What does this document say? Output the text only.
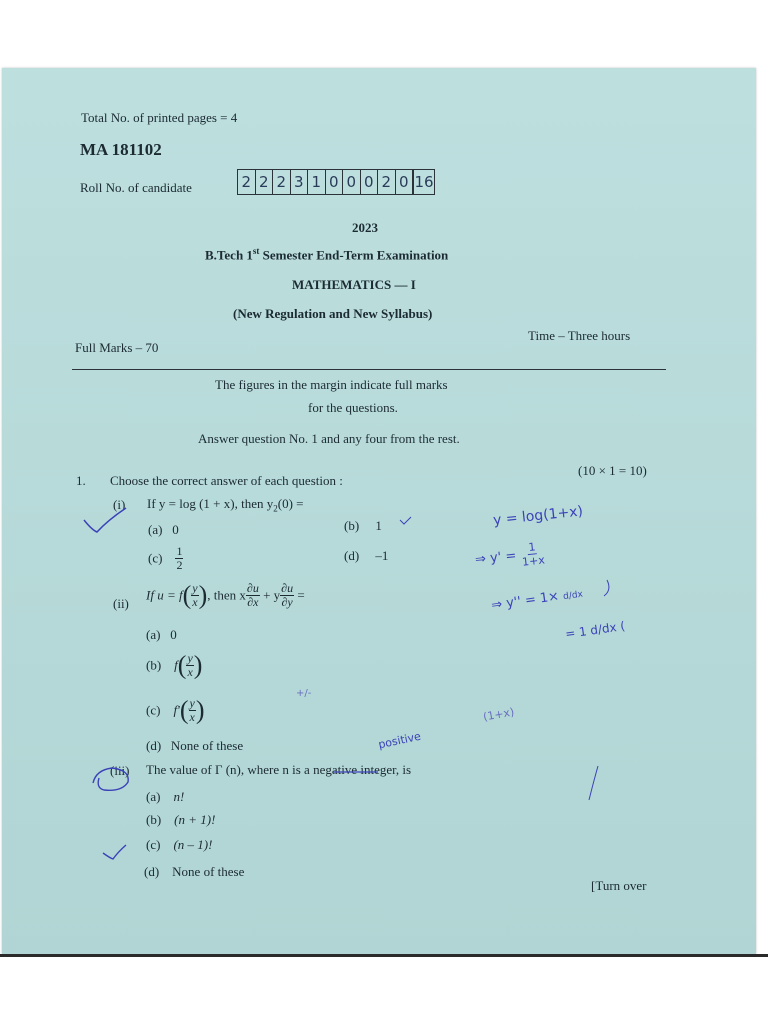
Total No. of printed pages = 4
MA 181102
Roll No. of candidate	2 2 2 3 1 0 0 0 2 0 16
2023
B.Tech 1st Semester End-Term Examination
MATHEMATICS — I
(New Regulation and New Syllabus)
Full Marks – 70
Time – Three hours
The figures in the margin indicate full marks
for the questions.
Answer question No. 1 and any four from the rest.
1. Choose the correct answer of each question :
(10 × 1 = 10)
(i) If y = log (1 + x), then $y_2(0)$ =
(a) 0	(b) 1
$(c) \frac{1}{2}$	(d) –1
(ii)
If $u = f( \frac{y}{x}$ ), then x $\frac{\partial u}{\partial x} + y \frac{\partial u}{\partial y}$ =
(a) 0
(b) $f( \frac{y}{x}$ )
(c) $f'( \frac{y}{x}$ )
(d) None of these
(iii) The value of Γ (n), where n is a negative integer, is
(a) n!
(b) (n + 1)!
(c) (n – 1)!
(d) None of these
[Turn over
y = log(1+x)
⇒ $y' = \frac{1}{1+x}$
⇒ y'' = 1× d/dx
= 1 d/dx (
(1+x)
positive
+/-
